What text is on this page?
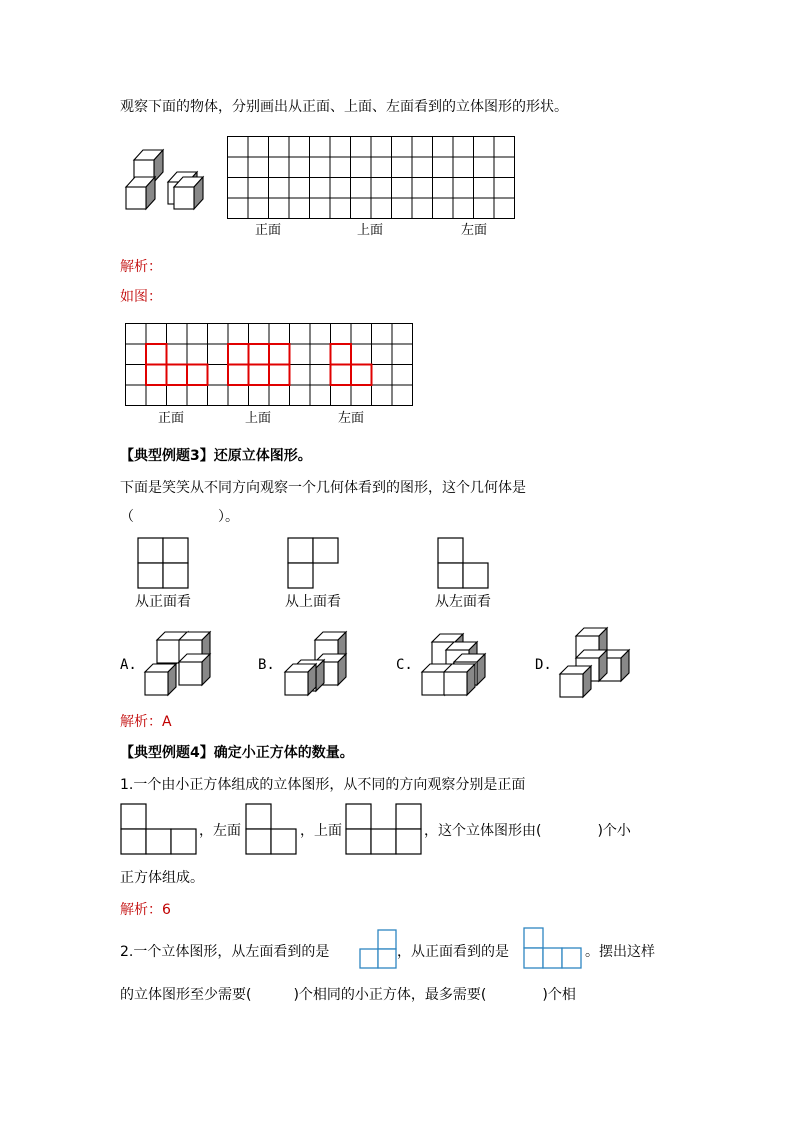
观察下面的物体，分别画出从正面、上面、左面看到的立体图形的形状。
正面	上面	左面
解析：
如图：
正面	上面	左面
【典型例题3】还原立体图形。
下面是笑笑从不同方向观察一个几何体看到的图形，这个几何体是
（　　　　　　）。
从正面看	从上面看	从左面看
A.	B.	C.	D.
解析：A
【典型例题4】确定小正方体的数量。
1.一个由小正方体组成的立体图形，从不同的方向观察分别是正面
，左面	，上面	，这个立体图形由(　　　　)个小
正方体组成。
解析：6
2.一个立体图形，从左面看到的是	，从正面看到的是	。摆出这样
的立体图形至少需要(　　　)个相同的小正方体，最多需要(　　　　)个相
